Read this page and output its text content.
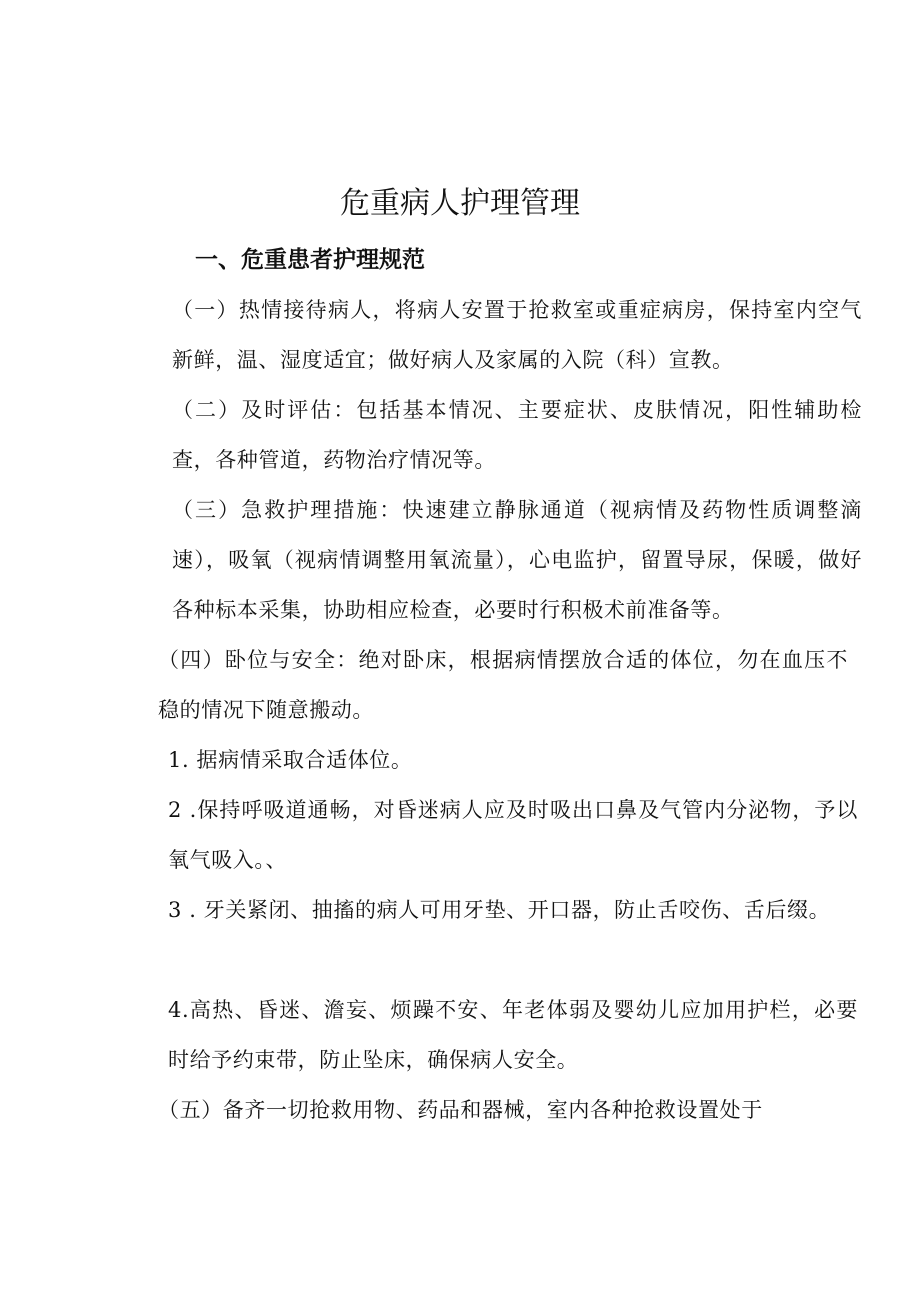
危重病人护理管理
一、危重患者护理规范

（一）热情接待病人，将病人安置于抢救室或重症病房，保持室内空气新鲜，温、湿度适宜；做好病人及家属的入院（科）宣教。

（二）及时评估：包括基本情况、主要症状、皮肤情况，阳性辅助检查，各种管道，药物治疗情况等。

（三）急救护理措施：快速建立静脉通道（视病情及药物性质调整滴速），吸氧（视病情调整用氧流量），心电监护，留置导尿，保暖，做好各种标本采集，协助相应检查，必要时行积极术前准备等。

（四）卧位与安全：绝对卧床，根据病情摆放合适的体位，勿在血压不稳的情况下随意搬动。

1. 据病情采取合适体位。

2 .保持呼吸道通畅，对昏迷病人应及时吸出口鼻及气管内分泌物，予以氧气吸入。、

3 . 牙关紧闭、抽搐的病人可用牙垫、开口器，防止舌咬伤、舌后缀。

4.高热、昏迷、澹妄、烦躁不安、年老体弱及婴幼儿应加用护栏，必要时给予约束带，防止坠床，确保病人安全。

（五）备齐一切抢救用物、药品和器械，室内各种抢救设置处于
